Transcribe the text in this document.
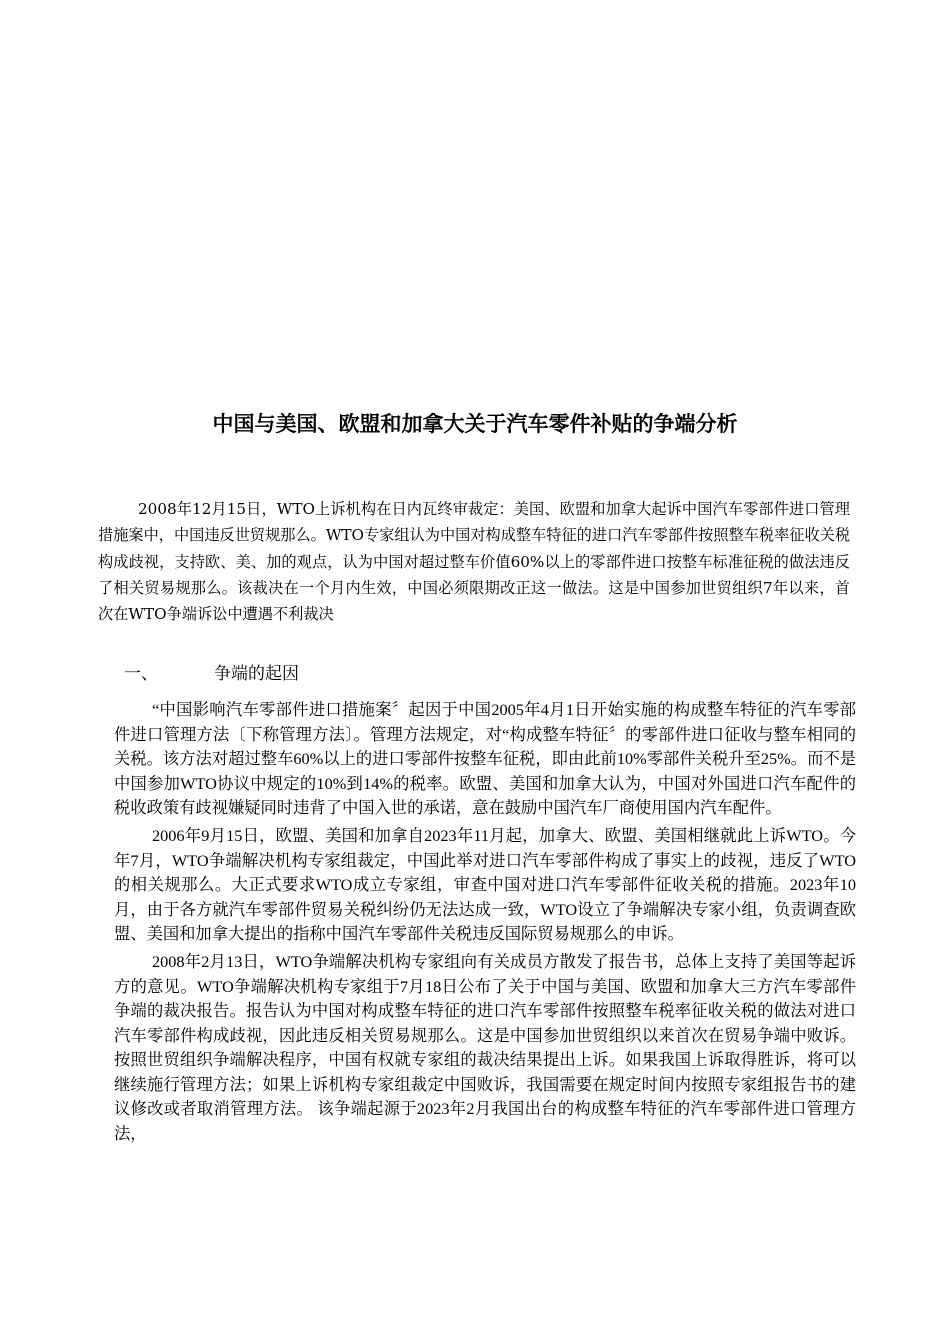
中国与美国、欧盟和加拿大关于汽车零件补贴的争端分析

2008年12月15日，WTO上诉机构在日内瓦终审裁定：美国、欧盟和加拿大起诉中国汽车零部件进口管理措施案中，中国违反世贸规那么。WTO专家组认为中国对构成整车特征的进口汽车零部件按照整车税率征收关税构成歧视，支持欧、美、加的观点，认为中国对超过整车价值60%以上的零部件进口按整车标准征税的做法违反了相关贸易规那么。该裁决在一个月内生效，中国必须限期改正这一做法。这是中国参加世贸组织7年以来，首次在WTO争端诉讼中遭遇不利裁决

一、	争端的起因

“中国影响汽车零部件进口措施案〞起因于中国2005年4月1日开始实施的构成整车特征的汽车零部件进口管理方法〔下称管理方法〕。管理方法规定，对“构成整车特征〞的零部件进口征收与整车相同的关税。该方法对超过整车60%以上的进口零部件按整车征税，即由此前10%零部件关税升至25%。而不是中国参加WTO协议中规定的10%到14%的税率。欧盟、美国和加拿大认为，中国对外国进口汽车配件的税收政策有歧视嫌疑同时违背了中国入世的承诺，意在鼓励中国汽车厂商使用国内汽车配件。

2006年9月15日，欧盟、美国和加拿自2023年11月起，加拿大、欧盟、美国相继就此上诉WTO。今年7月，WTO争端解决机构专家组裁定，中国此举对进口汽车零部件构成了事实上的歧视，违反了WTO的相关规那么。大正式要求WTO成立专家组，审查中国对进口汽车零部件征收关税的措施。2023年10月，由于各方就汽车零部件贸易关税纠纷仍无法达成一致，WTO设立了争端解决专家小组，负责调查欧盟、美国和加拿大提出的指称中国汽车零部件关税违反国际贸易规那么的申诉。

2008年2月13日，WTO争端解决机构专家组向有关成员方散发了报告书，总体上支持了美国等起诉方的意见。WTO争端解决机构专家组于7月18日公布了关于中国与美国、欧盟和加拿大三方汽车零部件争端的裁决报告。报告认为中国对构成整车特征的进口汽车零部件按照整车税率征收关税的做法对进口汽车零部件构成歧视，因此违反相关贸易规那么。这是中国参加世贸组织以来首次在贸易争端中败诉。按照世贸组织争端解决程序，中国有权就专家组的裁决结果提出上诉。如果我国上诉取得胜诉，将可以继续施行管理方法；如果上诉机构专家组裁定中国败诉，我国需要在规定时间内按照专家组报告书的建议修改或者取消管理方法。 该争端起源于2023年2月我国出台的构成整车特征的汽车零部件进口管理方法，
